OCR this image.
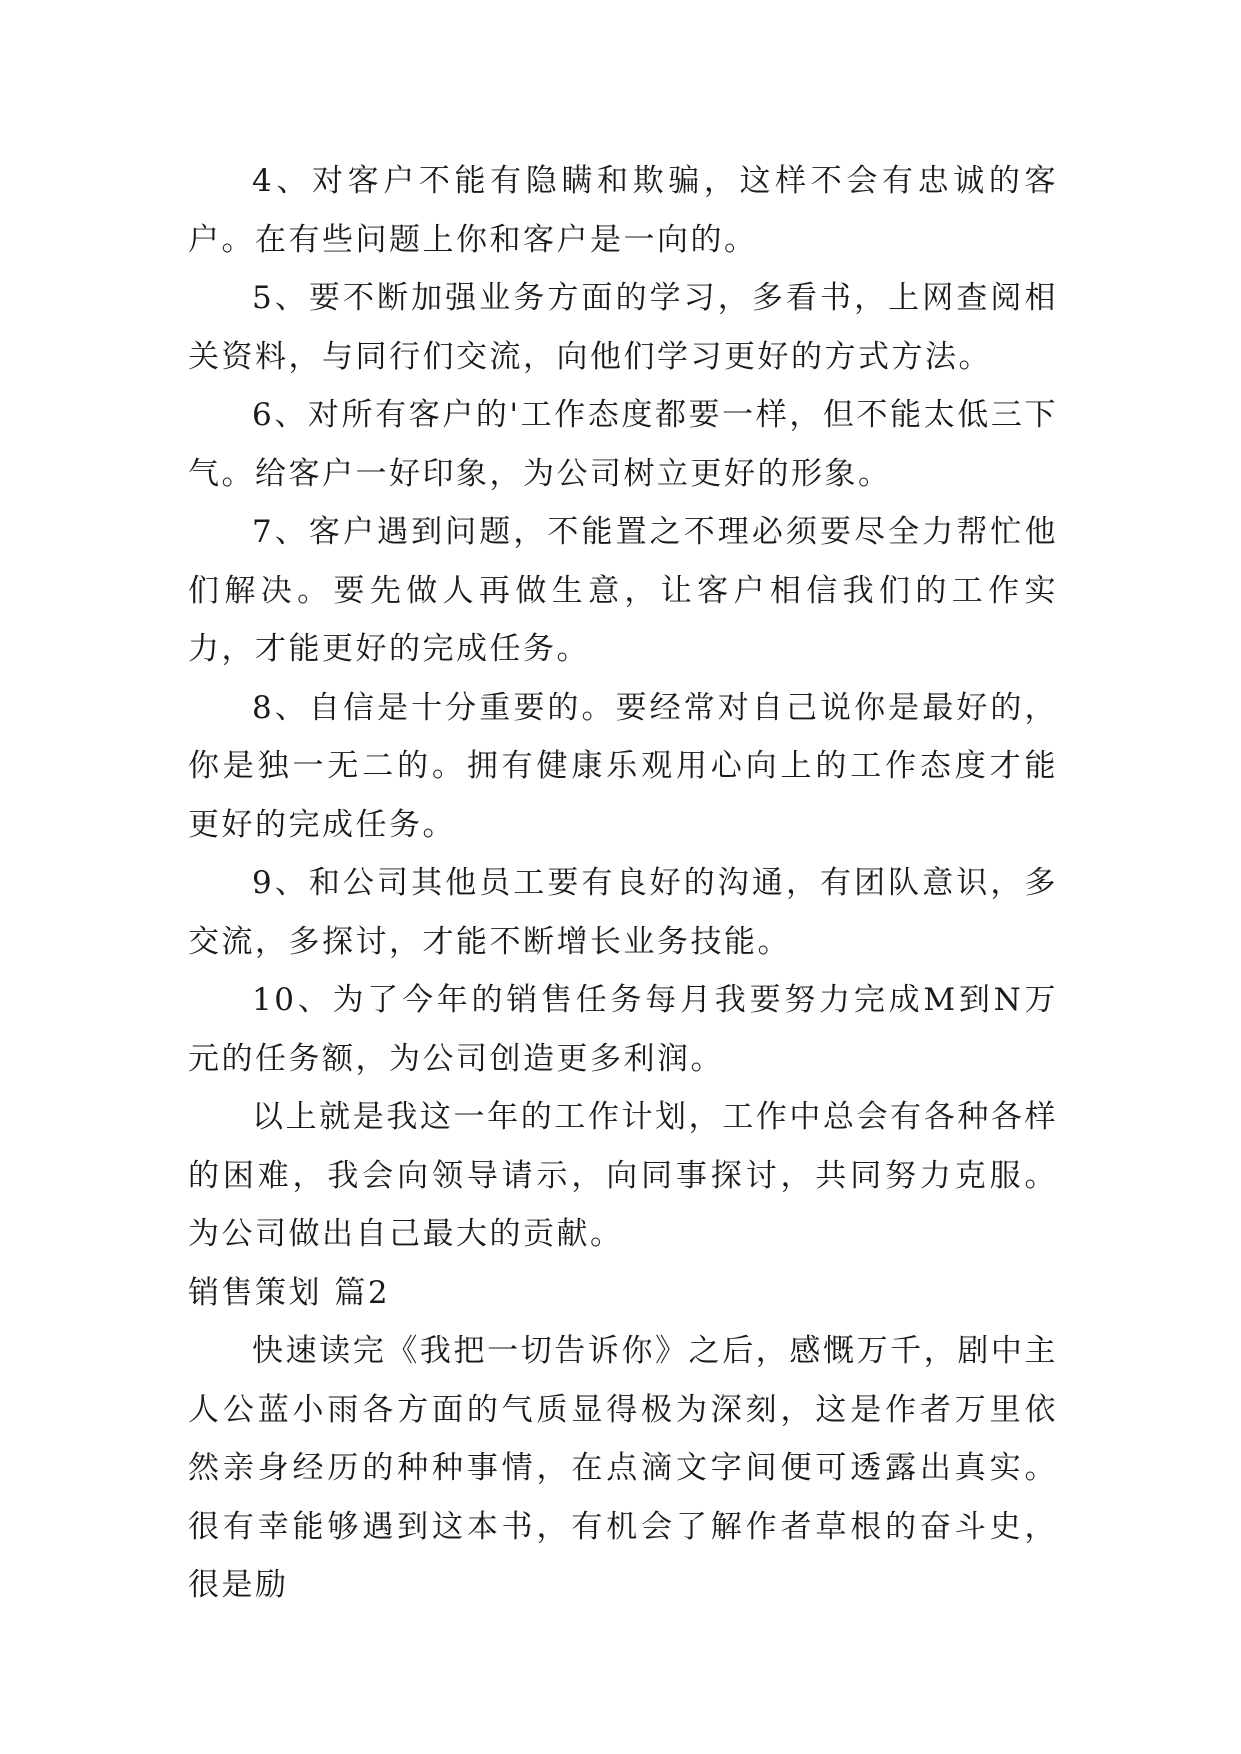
4、对客户不能有隐瞒和欺骗，这样不会有忠诚的客户。在有些问题上你和客户是一向的。

5、要不断加强业务方面的学习，多看书，上网查阅相关资料，与同行们交流，向他们学习更好的方式方法。

6、对所有客户的'工作态度都要一样，但不能太低三下气。给客户一好印象，为公司树立更好的形象。

7、客户遇到问题，不能置之不理必须要尽全力帮忙他们解决。要先做人再做生意，让客户相信我们的工作实力，才能更好的完成任务。

8、自信是十分重要的。要经常对自己说你是最好的，你是独一无二的。拥有健康乐观用心向上的工作态度才能更好的完成任务。

9、和公司其他员工要有良好的沟通，有团队意识，多交流，多探讨，才能不断增长业务技能。

10、为了今年的销售任务每月我要努力完成M到N万元的任务额，为公司创造更多利润。

以上就是我这一年的工作计划，工作中总会有各种各样的困难，我会向领导请示，向同事探讨，共同努力克服。为公司做出自己最大的贡献。

销售策划 篇2

快速读完《我把一切告诉你》之后，感慨万千，剧中主人公蓝小雨各方面的气质显得极为深刻，这是作者万里依然亲身经历的种种事情，在点滴文字间便可透露出真实。很有幸能够遇到这本书，有机会了解作者草根的奋斗史，很是励
